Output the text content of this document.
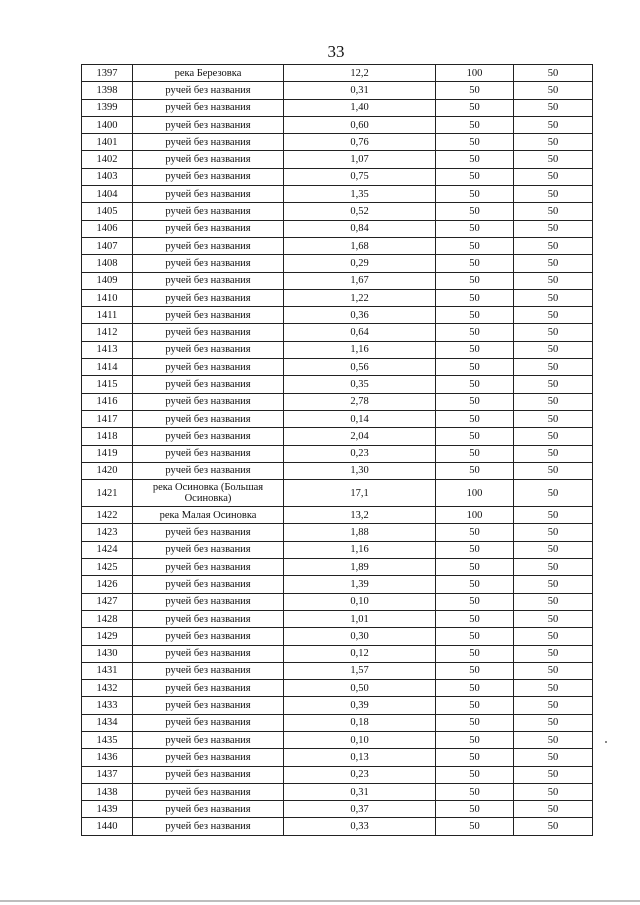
33
1397	река Березовка	12,2	100	50
1398	ручей без названия	0,31	50	50
1399	ручей без названия	1,40	50	50
1400	ручей без названия	0,60	50	50
1401	ручей без названия	0,76	50	50
1402	ручей без названия	1,07	50	50
1403	ручей без названия	0,75	50	50
1404	ручей без названия	1,35	50	50
1405	ручей без названия	0,52	50	50
1406	ручей без названия	0,84	50	50
1407	ручей без названия	1,68	50	50
1408	ручей без названия	0,29	50	50
1409	ручей без названия	1,67	50	50
1410	ручей без названия	1,22	50	50
1411	ручей без названия	0,36	50	50
1412	ручей без названия	0,64	50	50
1413	ручей без названия	1,16	50	50
1414	ручей без названия	0,56	50	50
1415	ручей без названия	0,35	50	50
1416	ручей без названия	2,78	50	50
1417	ручей без названия	0,14	50	50
1418	ручей без названия	2,04	50	50
1419	ручей без названия	0,23	50	50
1420	ручей без названия	1,30	50	50
1421	река Осиновка (Большая Осиновка)	17,1	100	50
1422	река Малая Осиновка	13,2	100	50
1423	ручей без названия	1,88	50	50
1424	ручей без названия	1,16	50	50
1425	ручей без названия	1,89	50	50
1426	ручей без названия	1,39	50	50
1427	ручей без названия	0,10	50	50
1428	ручей без названия	1,01	50	50
1429	ручей без названия	0,30	50	50
1430	ручей без названия	0,12	50	50
1431	ручей без названия	1,57	50	50
1432	ручей без названия	0,50	50	50
1433	ручей без названия	0,39	50	50
1434	ручей без названия	0,18	50	50
1435	ручей без названия	0,10	50	50
1436	ручей без названия	0,13	50	50
1437	ручей без названия	0,23	50	50
1438	ручей без названия	0,31	50	50
1439	ручей без названия	0,37	50	50
1440	ручей без названия	0,33	50	50
